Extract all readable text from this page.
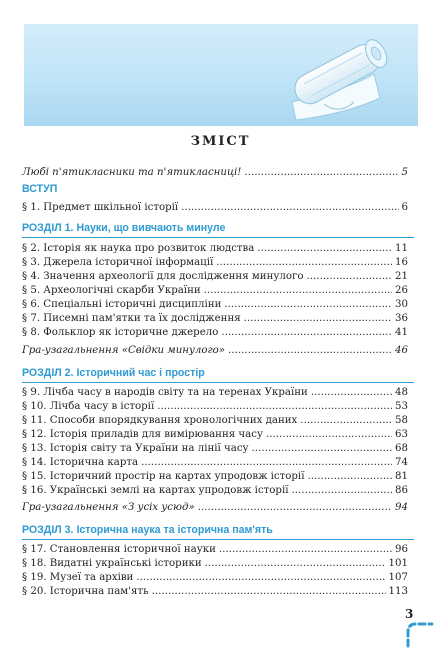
ЗМІСТ
Любі п'ятикласники та п'ятикласниці! . . .	5
ВСТУП
§ 1. Предмет шкільної історії . . .	6
РОЗДІЛ 1. Науки, що вивчають минуле
§ 2. Історія як наука про розвиток людства . . .	11
§ 3. Джерела історичної інформації . . .	16
§ 4. Значення археології для дослідження минулого . . .	21
§ 5. Археологічні скарби України . . .	26
§ 6. Спеціальні історичні дисципліни . . .	30
§ 7. Писемні пам'ятки та їх дослідження . . .	36
§ 8. Фольклор як історичне джерело . . .	41
Гра-узагальнення «Свідки минулого» . . .	46
РОЗДІЛ 2. Історичний час і простір
§ 9. Лічба часу в народів світу та на теренах України . . .	48
§ 10. Лічба часу в історії . . .	53
§ 11. Способи впорядкування хронологічних даних . . .	58
§ 12. Історія приладів для вимірювання часу . . .	63
§ 13. Історія світу та України на лінії часу . . .	68
§ 14. Історична карта . . .	74
§ 15. Історичний простір на картах упродовж історії . . .	81
§ 16. Українські землі на картах упродовж історії . . .	86
Гра-узагальнення «З усіх усюд» . . .	94
РОЗДІЛ 3. Історична наука та історична пам'ять
§ 17. Становлення історичної науки . . .	96
§ 18. Видатні українські історики . . .	101
§ 19. Музеї та архіви . . .	107
§ 20. Історична пам'ять . . .	113
3
